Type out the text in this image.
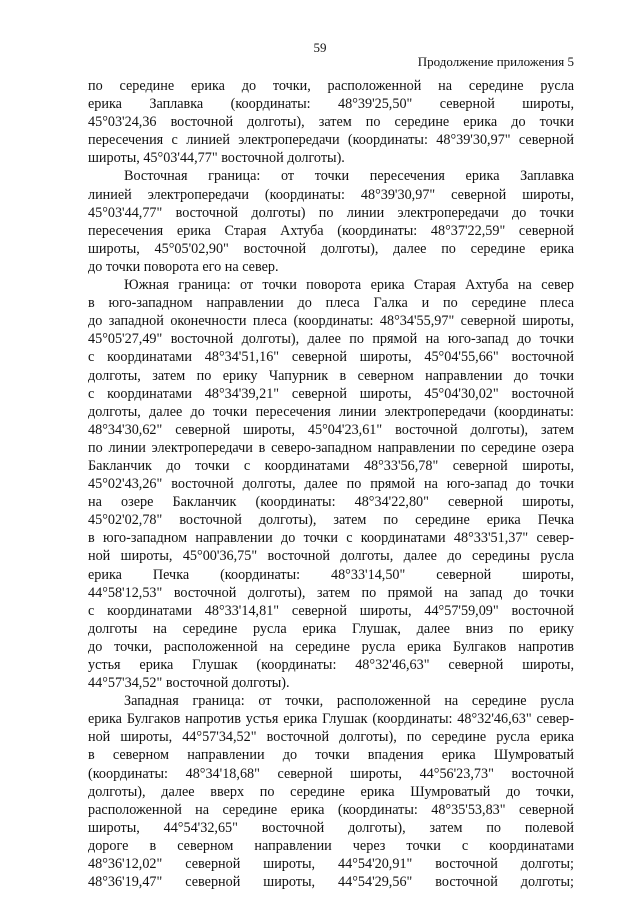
59
Продолжение приложения 5
по середине ерика до точки, расположенной на середине русла
ерика Заплавка (координаты: 48°39'25,50" северной широты,
45°03'24,36 восточной долготы), затем по середине ерика до точки
пересечения с линией электропередачи (координаты: 48°39'30,97" северной
широты, 45°03'44,77" восточной долготы).
Восточная граница: от точки пересечения ерика Заплавка
линией электропередачи (координаты: 48°39'30,97" северной широты,
45°03'44,77" восточной долготы) по линии электропередачи до точки
пересечения ерика Старая Ахтуба (координаты: 48°37'22,59" северной
широты, 45°05'02,90" восточной долготы), далее по середине ерика
до точки поворота его на север.
Южная граница: от точки поворота ерика Старая Ахтуба на север
в юго-западном направлении до плеса Галка и по середине плеса
до западной оконечности плеса (координаты: 48°34'55,97" северной широты,
45°05'27,49" восточной долготы), далее по прямой на юго-запад до точки
с координатами 48°34'51,16" северной широты, 45°04'55,66" восточной
долготы, затем по ерику Чапурник в северном направлении до точки
с координатами 48°34'39,21" северной широты, 45°04'30,02" восточной
долготы, далее до точки пересечения линии электропередачи (координаты:
48°34'30,62" северной широты, 45°04'23,61" восточной долготы), затем
по линии электропередачи в северо-западном направлении по середине озера
Бакланчик до точки с координатами 48°33'56,78" северной широты,
45°02'43,26" восточной долготы, далее по прямой на юго-запад до точки
на озере Бакланчик (координаты: 48°34'22,80" северной широты,
45°02'02,78" восточной долготы), затем по середине ерика Печка
в юго-западном направлении до точки с координатами 48°33'51,37" север-
ной широты, 45°00'36,75" восточной долготы, далее до середины русла
ерика Печка (координаты: 48°33'14,50" северной широты,
44°58'12,53" восточной долготы), затем по прямой на запад до точки
с координатами 48°33'14,81" северной широты, 44°57'59,09" восточной
долготы на середине русла ерика Глушак, далее вниз по ерику
до точки, расположенной на середине русла ерика Булгаков напротив
устья ерика Глушак (координаты: 48°32'46,63" северной широты,
44°57'34,52" восточной долготы).
Западная граница: от точки, расположенной на середине русла
ерика Булгаков напротив устья ерика Глушак (координаты: 48°32'46,63" север-
ной широты, 44°57'34,52" восточной долготы), по середине русла ерика
в северном направлении до точки впадения ерика Шумроватый
(координаты: 48°34'18,68" северной широты, 44°56'23,73" восточной
долготы), далее вверх по середине ерика Шумроватый до точки,
расположенной на середине ерика (координаты: 48°35'53,83" северной
широты, 44°54'32,65" восточной долготы), затем по полевой
дороге в северном направлении через точки с координатами
48°36'12,02" северной широты, 44°54'20,91" восточной долготы;
48°36'19,47" северной широты, 44°54'29,56" восточной долготы;
